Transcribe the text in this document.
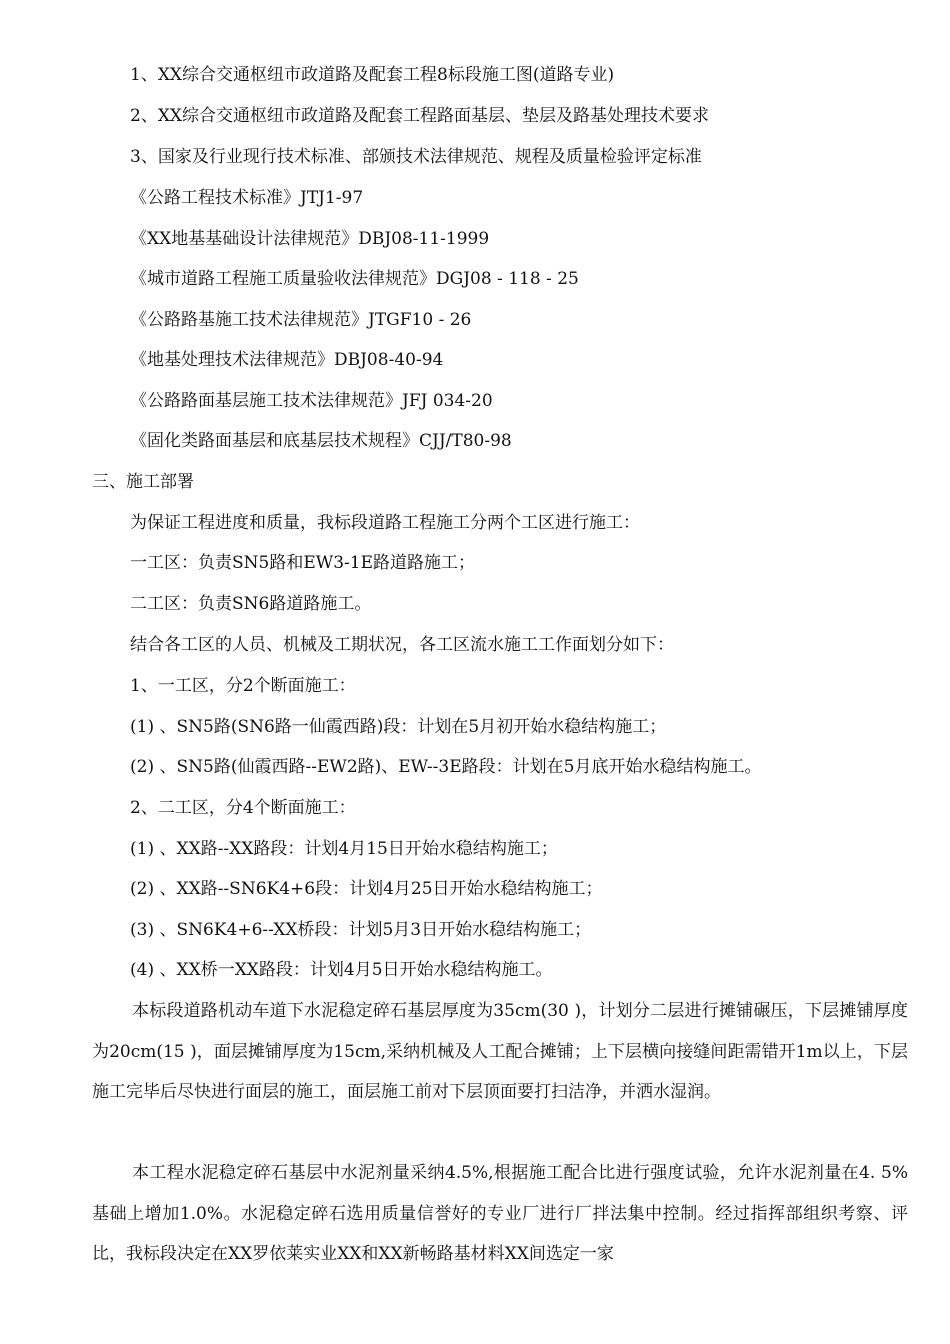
1、XX综合交通枢纽市政道路及配套工程8标段施工图(道路专业)
2、XX综合交通枢纽市政道路及配套工程路面基层、垫层及路基处理技术要求
3、国家及行业现行技术标准、部颁技术法律规范、规程及质量检验评定标准
《公路工程技术标准》JTJ1-97
《XX地基基础设计法律规范》DBJ08-11-1999
《城市道路工程施工质量验收法律规范》DGJ08 - 118 - 25
《公路路基施工技术法律规范》JTGF10 - 26
《地基处理技术法律规范》DBJ08-40-94
《公路路面基层施工技术法律规范》JFJ 034-20
《固化类路面基层和底基层技术规程》CJJ/T80-98
三、施工部署
为保证工程进度和质量，我标段道路工程施工分两个工区进行施工：
一工区：负责SN5路和EW3-1E路道路施工；
二工区：负责SN6路道路施工。
结合各工区的人员、机械及工期状况，各工区流水施工工作面划分如下：
1、一工区，分2个断面施工：
(1) 、SN5路(SN6路一仙霞西路)段：计划在5月初开始水稳结构施工；
(2) 、SN5路(仙霞西路--EW2路)、EW--3E路段：计划在5月底开始水稳结构施工。
2、二工区，分4个断面施工：
(1) 、XX路--XX路段：计划4月15日开始水稳结构施工；
(2) 、XX路--SN6K4+6段：计划4月25日开始水稳结构施工；
(3) 、SN6K4+6--XX桥段：计划5月3日开始水稳结构施工；
(4) 、XX桥一XX路段：计划4月5日开始水稳结构施工。
本标段道路机动车道下水泥稳定碎石基层厚度为35cm(30 )，计划分二层进行摊铺碾压，下层摊铺厚度为20cm(15 )，面层摊铺厚度为15cm,采纳机械及人工配合摊铺；上下层横向接缝间距需错开1m以上，下层施工完毕后尽快进行面层的施工，面层施工前对下层顶面要打扫洁净，并洒水湿润。
本工程水泥稳定碎石基层中水泥剂量采纳4.5%,根据施工配合比进行强度试验，允许水泥剂量在4. 5%基础上增加1.0%。水泥稳定碎石选用质量信誉好的专业厂进行厂拌法集中控制。经过指挥部组织考察、评比，我标段决定在XX罗依莱实业XX和XX新畅路基材料XX间选定一家
